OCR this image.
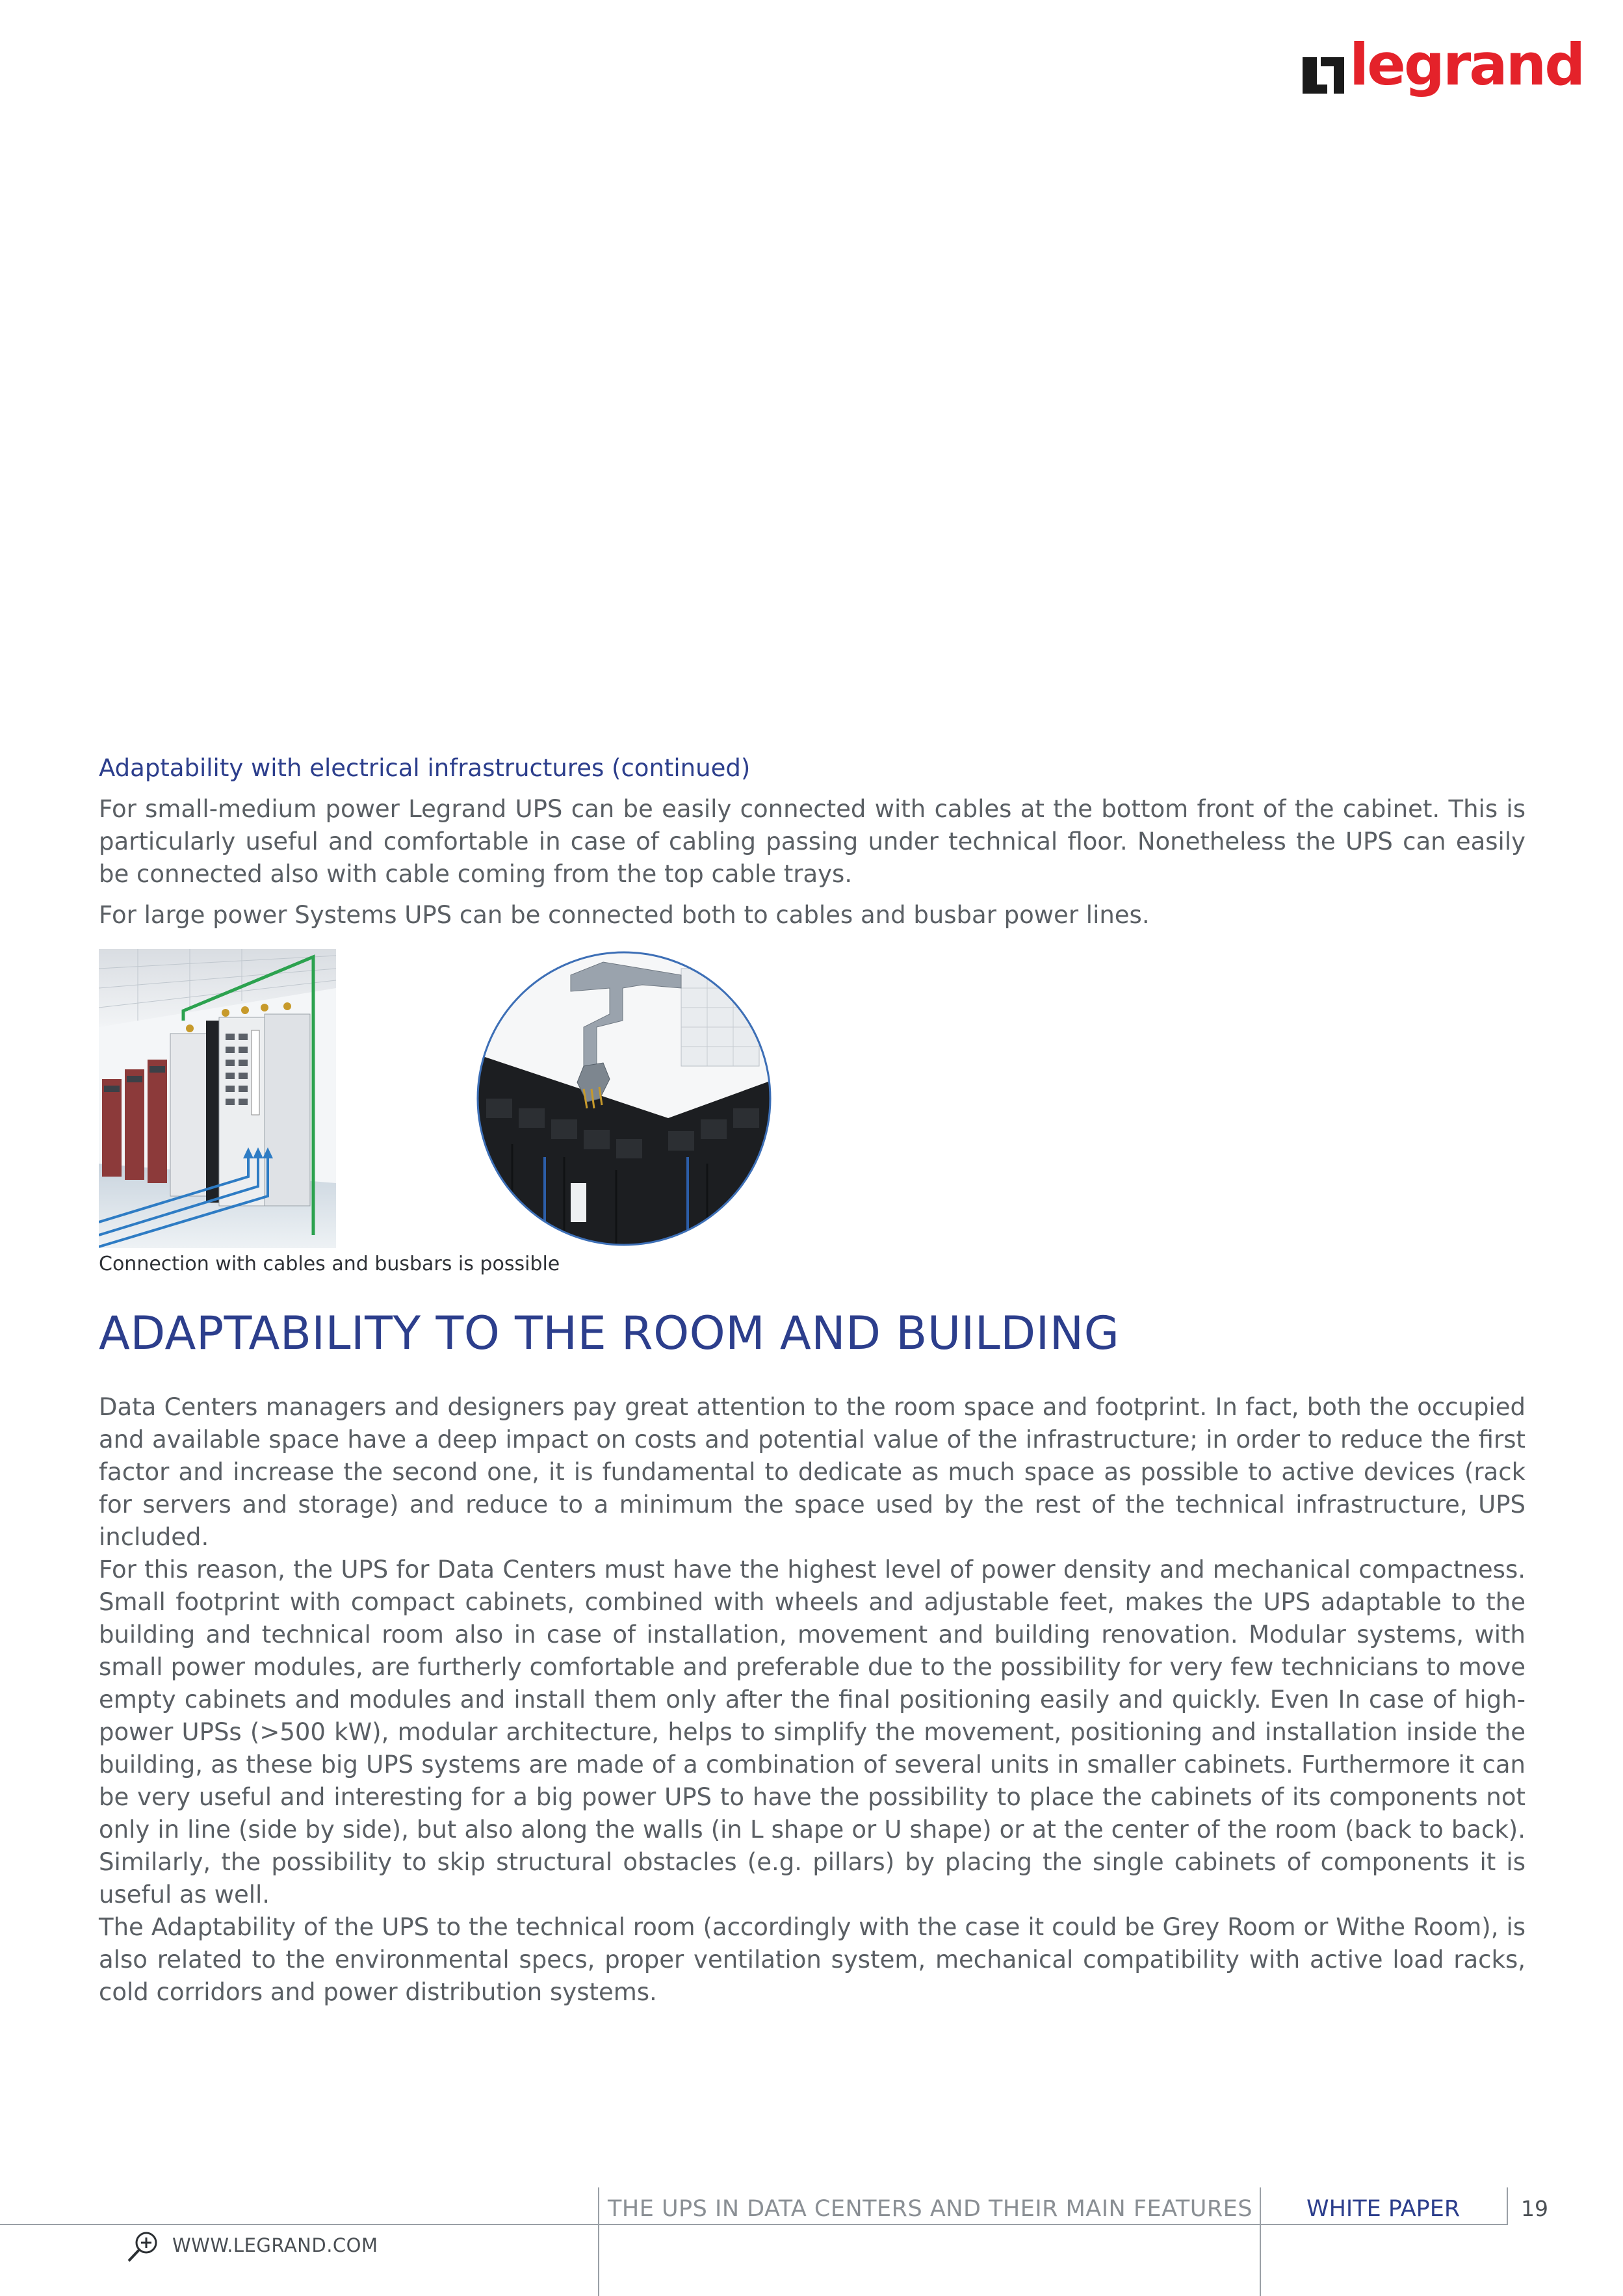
legrand
Adaptability with electrical infrastructures (continued)
For small-medium power Legrand UPS can be easily connected with cables at the bottom front of the cabinet. This is particularly useful and comfortable in case of cabling passing under technical floor. Nonetheless the UPS can easily be connected also with cable coming from the top cable trays.
For large power Systems UPS can be connected both to cables and busbar power lines.
Connection with cables and busbars is possible
ADAPTABILITY TO THE ROOM AND BUILDING

Data Centers managers and designers pay great attention to the room space and footprint. In fact, both the occupied and available space have a deep impact on costs and potential value of the infrastructure; in order to reduce the first factor and increase the second one, it is fundamental to dedicate as much space as possible to active devices (rack for servers and storage) and reduce to a minimum the space used by the rest of the technical infrastructure, UPS included.

For this reason, the UPS for Data Centers must have the highest level of power density and mechanical compactness. Small footprint with compact cabinets, combined with wheels and adjustable feet, makes the UPS adaptable to the building and technical room also in case of installation, movement and building renovation. Modular systems, with small power modules, are furtherly comfortable and preferable due to the possibility for very few technicians to move empty cabinets and modules and install them only after the final positioning easily and quickly. Even In case of high-power UPSs (>500 kW), modular architecture, helps to simplify the movement, positioning and installation inside the building, as these big UPS systems are made of a combination of several units in smaller cabinets. Furthermore it can be very useful and interesting for a big power UPS to have the possibility to place the cabinets of its components not only in line (side by side), but also along the walls (in L shape or U shape) or at the center of the room (back to back). Similarly, the possibility to skip structural obstacles (e.g. pillars) by placing the single cabinets of components it is useful as well.

The Adaptability of the UPS to the technical room (accordingly with the case it could be Grey Room or Withe Room), is also related to the environmental specs, proper ventilation system, mechanical compatibility with active load racks, cold corridors and power distribution systems.

THE UPS IN DATA CENTERS AND THEIR MAIN FEATURES WHITE PAPER	19
WWW.LEGRAND.COM
